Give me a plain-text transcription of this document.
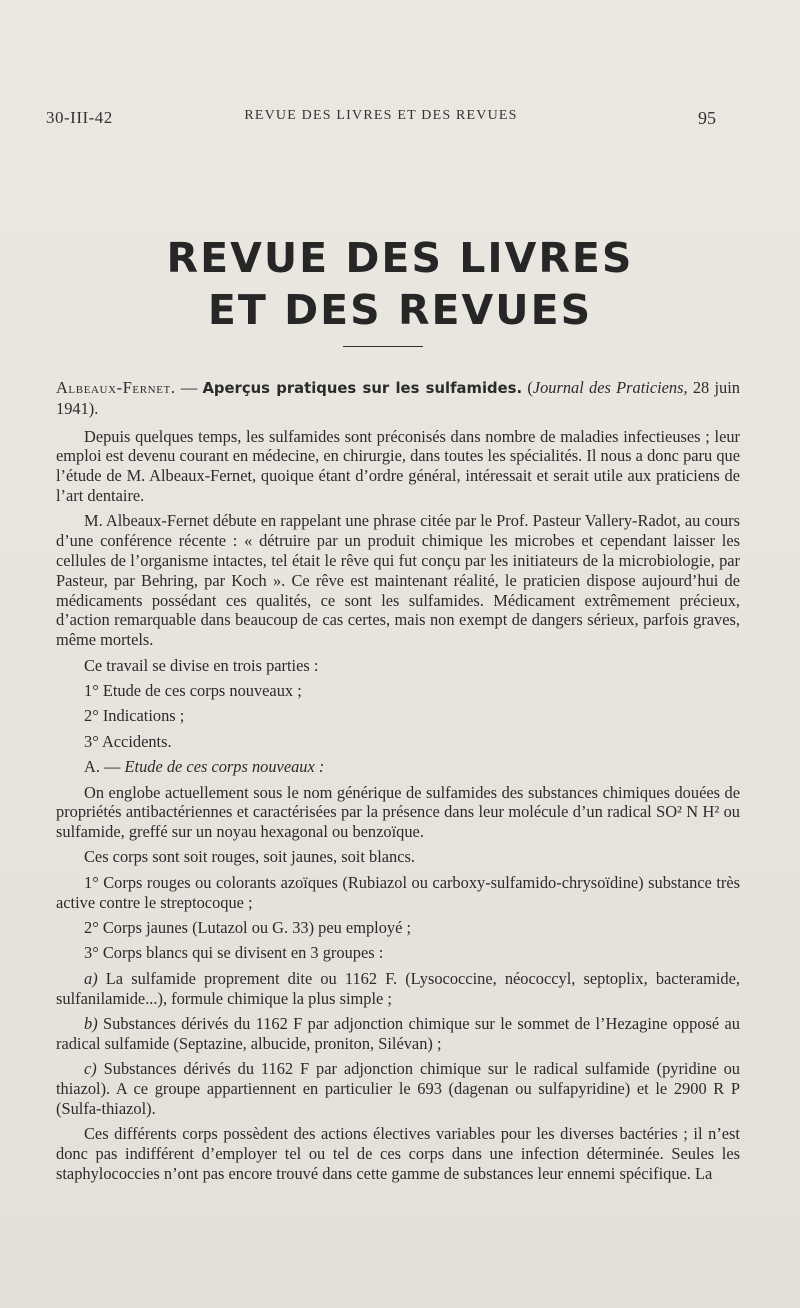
30-III-42	REVUE DES LIVRES ET DES REVUES	95
REVUE DES LIVRES
ET DES REVUES

Albeaux-Fernet. — Aperçus pratiques sur les sulfamides. (Journal des Praticiens, 28 juin 1941).

Depuis quelques temps, les sulfamides sont préconisés dans nombre de maladies infectieuses ; leur emploi est devenu courant en médecine, en chirurgie, dans toutes les spécialités. Il nous a donc paru que l’étude de M. Albeaux-Fernet, quoique étant d’ordre général, intéressait et serait utile aux praticiens de l’art dentaire.

M. Albeaux-Fernet débute en rappelant une phrase citée par le Prof. Pasteur Vallery-Radot, au cours d’une conférence récente : « détruire par un produit chimique les microbes et cependant laisser les cellules de l’organisme intactes, tel était le rêve qui fut conçu par les initiateurs de la microbiologie, par Pasteur, par Behring, par Koch ». Ce rêve est maintenant réalité, le praticien dispose aujourd’hui de médicaments possédant ces qualités, ce sont les sulfamides. Médicament extrêmement précieux, d’action remarquable dans beaucoup de cas certes, mais non exempt de dangers sérieux, parfois graves, même mortels.

Ce travail se divise en trois parties :

1° Etude de ces corps nouveaux ;

2° Indications ;

3° Accidents.

A. — Etude de ces corps nouveaux :

On englobe actuellement sous le nom générique de sulfamides des substances chimiques douées de propriétés antibactériennes et caractérisées par la présence dans leur molécule d’un radical SO² N H² ou sulfamide, greffé sur un noyau hexagonal ou benzoïque.

Ces corps sont soit rouges, soit jaunes, soit blancs.

1° Corps rouges ou colorants azoïques (Rubiazol ou carboxy-sulfamido-chrysoïdine) substance très active contre le streptocoque ;

2° Corps jaunes (Lutazol ou G. 33) peu employé ;

3° Corps blancs qui se divisent en 3 groupes :

a) La sulfamide proprement dite ou 1162 F. (Lysococcine, néococcyl, septoplix, bacteramide, sulfanilamide...), formule chimique la plus simple ;

b) Substances dérivés du 1162 F par adjonction chimique sur le sommet de l’Hezagine opposé au radical sulfamide (Septazine, albucide, proniton, Silévan) ;

c) Substances dérivés du 1162 F par adjonction chimique sur le radical sulfamide (pyridine ou thiazol). A ce groupe appartiennent en particulier le 693 (dagenan ou sulfapyridine) et le 2900 R P (Sulfa-thiazol).

Ces différents corps possèdent des actions électives variables pour les diverses bactéries ; il n’est donc pas indifférent d’employer tel ou tel de ces corps dans une infection déterminée. Seules les staphylococcies n’ont pas encore trouvé dans cette gamme de substances leur ennemi spécifique. La
